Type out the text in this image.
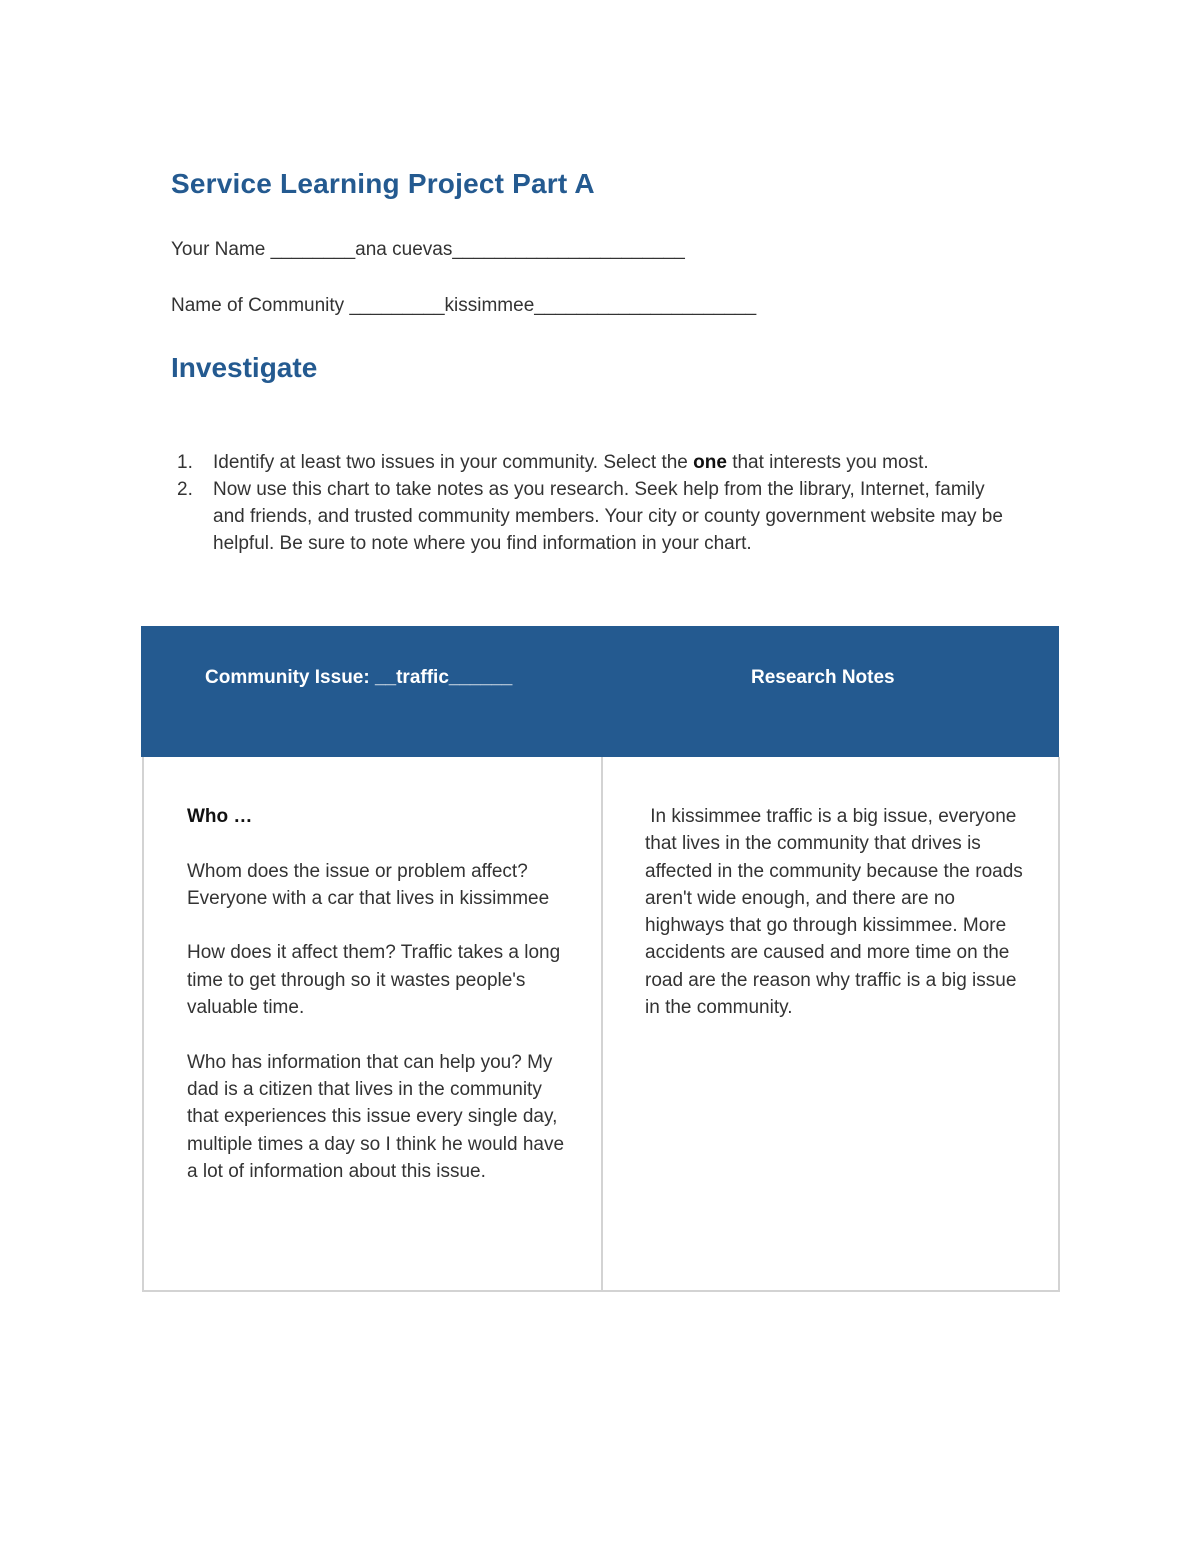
Service Learning Project Part A

Your Name ________ana cuevas______________________

Name of Community _________kissimmee_____________________

Investigate
1. Identify at least two issues in your community. Select the one that interests you most.
2. Now use this chart to take notes as you research. Seek help from the library, Internet, family and friends, and trusted community members. Your city or county government website may be helpful. Be sure to note where you find information in your chart.
Community Issue: __traffic______	Research Notes

Who …

Whom does the issue or problem affect? Everyone with a car that lives in kissimmee

How does it affect them? Traffic takes a long time to get through so it wastes people's valuable time.

Who has information that can help you? My dad is a citizen that lives in the community that experiences this issue every single day, multiple times a day so I think he would have a lot of information about this issue.

In kissimmee traffic is a big issue, everyone that lives in the community that drives is affected in the community because the roads aren't wide enough, and there are no highways that go through kissimmee. More accidents are caused and more time on the road are the reason why traffic is a big issue in the community.
